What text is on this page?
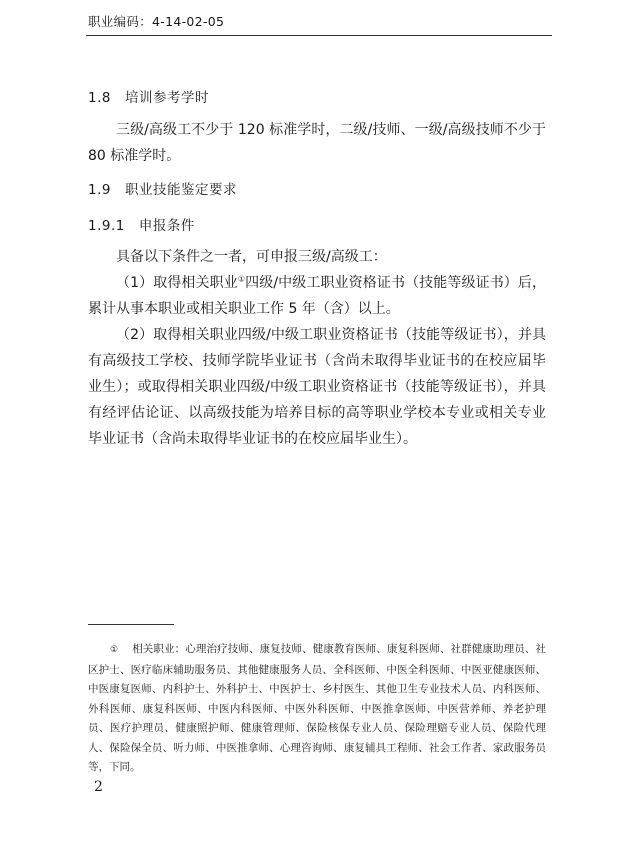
职业编码：4-14-02-05
1.8 培训参考学时

三级/高级工不少于 120 标准学时，二级/技师、一级/高级技师不少于 80 标准学时。

1.9 职业技能鉴定要求
1.9.1 申报条件

具备以下条件之一者，可申报三级/高级工：

（1）取得相关职业①四级/中级工职业资格证书（技能等级证书）后，累计从事本职业或相关职业工作 5 年（含）以上。

（2）取得相关职业四级/中级工职业资格证书（技能等级证书），并具有高级技工学校、技师学院毕业证书（含尚未取得毕业证书的在校应届毕业生）；或取得相关职业四级/中级工职业资格证书（技能等级证书），并具有经评估论证、以高级技能为培养目标的高等职业学校本专业或相关专业毕业证书（含尚未取得毕业证书的在校应届毕业生）。

① 相关职业：心理治疗技师、康复技师、健康教育医师、康复科医师、社群健康助理员、社区护士、医疗临床辅助服务员、其他健康服务人员、全科医师、中医全科医师、中医亚健康医师、中医康复医师、内科护士、外科护士、中医护士、乡村医生、其他卫生专业技术人员、内科医师、外科医师、康复科医师、中医内科医师、中医外科医师、中医推拿医师、中医营养师、养老护理员、医疗护理员、健康照护师、健康管理师、保险核保专业人员、保险理赔专业人员、保险代理人、保险保全员、听力师、中医推拿师、心理咨询师、康复辅具工程师、社会工作者、家政服务员等，下同。

2
